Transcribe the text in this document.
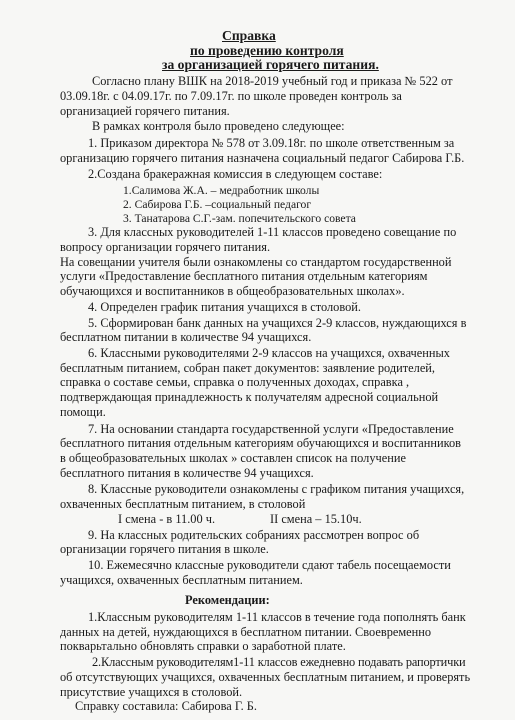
Справка
по проведению контроля
за организацией горячего питания.
Согласно плану ВШК на 2018-2019 учебный год и приказа № 522 от
03.09.18г. с 04.09.17г. по 7.09.17г. по школе проведен контроль за
организацией горячего питания.
В рамках контроля было проведено следующее:
1. Приказом директора № 578 от 3.09.18г. по школе ответственным за
организацию горячего питания назначена социальный педагог Сабирова Г.Б.
2.Создана бракеражная комиссия в следующем составе:
1.Салимова Ж.А. – медработник школы
2. Сабирова Г.Б. –социальный педагог
3. Танатарова С.Г.-зам. попечительского совета
3. Для классных руководителей 1-11 классов проведено совещание по
вопросу организации горячего питания.
На совещании учителя были ознакомлены со стандартом государственной
услуги «Предоставление бесплатного питания отдельным категориям
обучающихся и воспитанников в общеобразовательных школах».
4. Определен график питания учащихся в столовой.
5. Сформирован банк данных на учащихся 2-9 классов, нуждающихся в
бесплатном питании в количестве 94 учащихся.
6. Классными руководителями 2-9 классов на учащихся, охваченных
бесплатным питанием, собран пакет документов: заявление родителей,
справка о составе семьи, справка о полученных доходах, справка ,
подтверждающая принадлежность к получателям адресной социальной
помощи.
7. На основании стандарта государственной услуги «Предоставление
бесплатного питания отдельным категориям обучающихся и воспитанников
в общеобразовательных школах » составлен список на получение
бесплатного питания в количестве 94 учащихся.
8. Классные руководители ознакомлены с графиком питания учащихся,
охваченных бесплатным питанием, в столовой
I смена - в 11.00 ч.	II смена – 15.10ч.
9. На классных родительских собраниях рассмотрен вопрос об
организации горячего питания в школе.
10. Ежемесячно классные руководители сдают табель посещаемости
учащихся, охваченных бесплатным питанием.
Рекомендации:
1.Классным руководителям 1-11 классов в течение года пополнять банк
данных на детей, нуждающихся в бесплатном питании. Своевременно
покварьтально обновлять справки о заработной плате.
2.Классным руководителям1-11 классов ежедневно подавать рапортички
об отсутствующих учащихся, охваченных бесплатным питанием, и проверять
присутствие учащихся в столовой.
Справку составила: Сабирова Г. Б.
